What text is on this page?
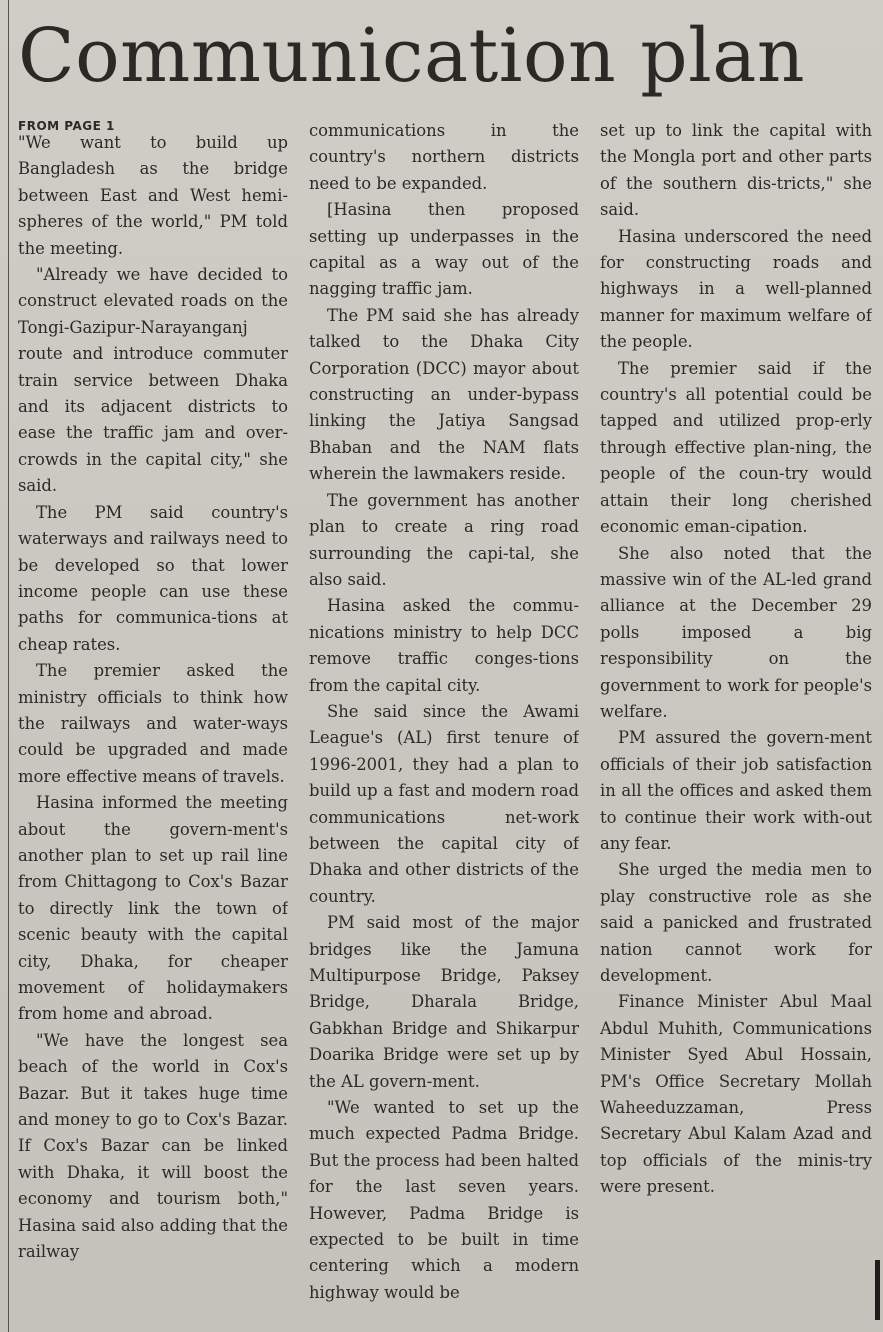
Communication plan
FROM PAGE 1

"We want to build up Bangladesh as the bridge between East and West hemi-spheres of the world," PM told the meeting.

"Already we have decided to construct elevated roads on the Tongi-Gazipur-Narayanganj route and introduce commuter train service between Dhaka and its adjacent districts to ease the traffic jam and over-crowds in the capital city," she said.

The PM said country's waterways and railways need to be developed so that lower income people can use these paths for communica-tions at cheap rates.

The premier asked the ministry officials to think how the railways and water-ways could be upgraded and made more effective means of travels.

Hasina informed the meeting about the govern-ment's another plan to set up rail line from Chittagong to Cox's Bazar to directly link the town of scenic beauty with the capital city, Dhaka, for cheaper movement of holidaymakers from home and abroad.

"We have the longest sea beach of the world in Cox's Bazar. But it takes huge time and money to go to Cox's Bazar. If Cox's Bazar can be linked with Dhaka, it will boost the economy and tourism both," Hasina said also adding that the railway

communications in the country's northern districts need to be expanded.

[Hasina then proposed setting up underpasses in the capital as a way out of the nagging traffic jam.

The PM said she has already talked to the Dhaka City Corporation (DCC) mayor about constructing an under-bypass linking the Jatiya Sangsad Bhaban and the NAM flats wherein the lawmakers reside.

The government has another plan to create a ring road surrounding the capi-tal, she also said.

Hasina asked the commu-nications ministry to help DCC remove traffic conges-tions from the capital city.

She said since the Awami League's (AL) first tenure of 1996-2001, they had a plan to build up a fast and modern road communications net-work between the capital city of Dhaka and other districts of the country.

PM said most of the major bridges like the Jamuna Multipurpose Bridge, Paksey Bridge, Dharala Bridge, Gabkhan Bridge and Shikarpur Doarika Bridge were set up by the AL govern-ment.

"We wanted to set up the much expected Padma Bridge. But the process had been halted for the last seven years. However, Padma Bridge is expected to be built in time centering which a modern highway would be

set up to link the capital with the Mongla port and other parts of the southern dis-tricts," she said.

Hasina underscored the need for constructing roads and highways in a well-planned manner for maximum welfare of the people.

The premier said if the country's all potential could be tapped and utilized prop-erly through effective plan-ning, the people of the coun-try would attain their long cherished economic eman-cipation.

She also noted that the massive win of the AL-led grand alliance at the December 29 polls imposed a big responsibility on the government to work for people's welfare.

PM assured the govern-ment officials of their job satisfaction in all the offices and asked them to continue their work with-out any fear.

She urged the media men to play constructive role as she said a panicked and frustrated nation cannot work for development.

Finance Minister Abul Maal Abdul Muhith, Communications Minister Syed Abul Hossain, PM's Office Secretary Mollah Waheeduzzaman, Press Secretary Abul Kalam Azad and top officials of the minis-try were present.
